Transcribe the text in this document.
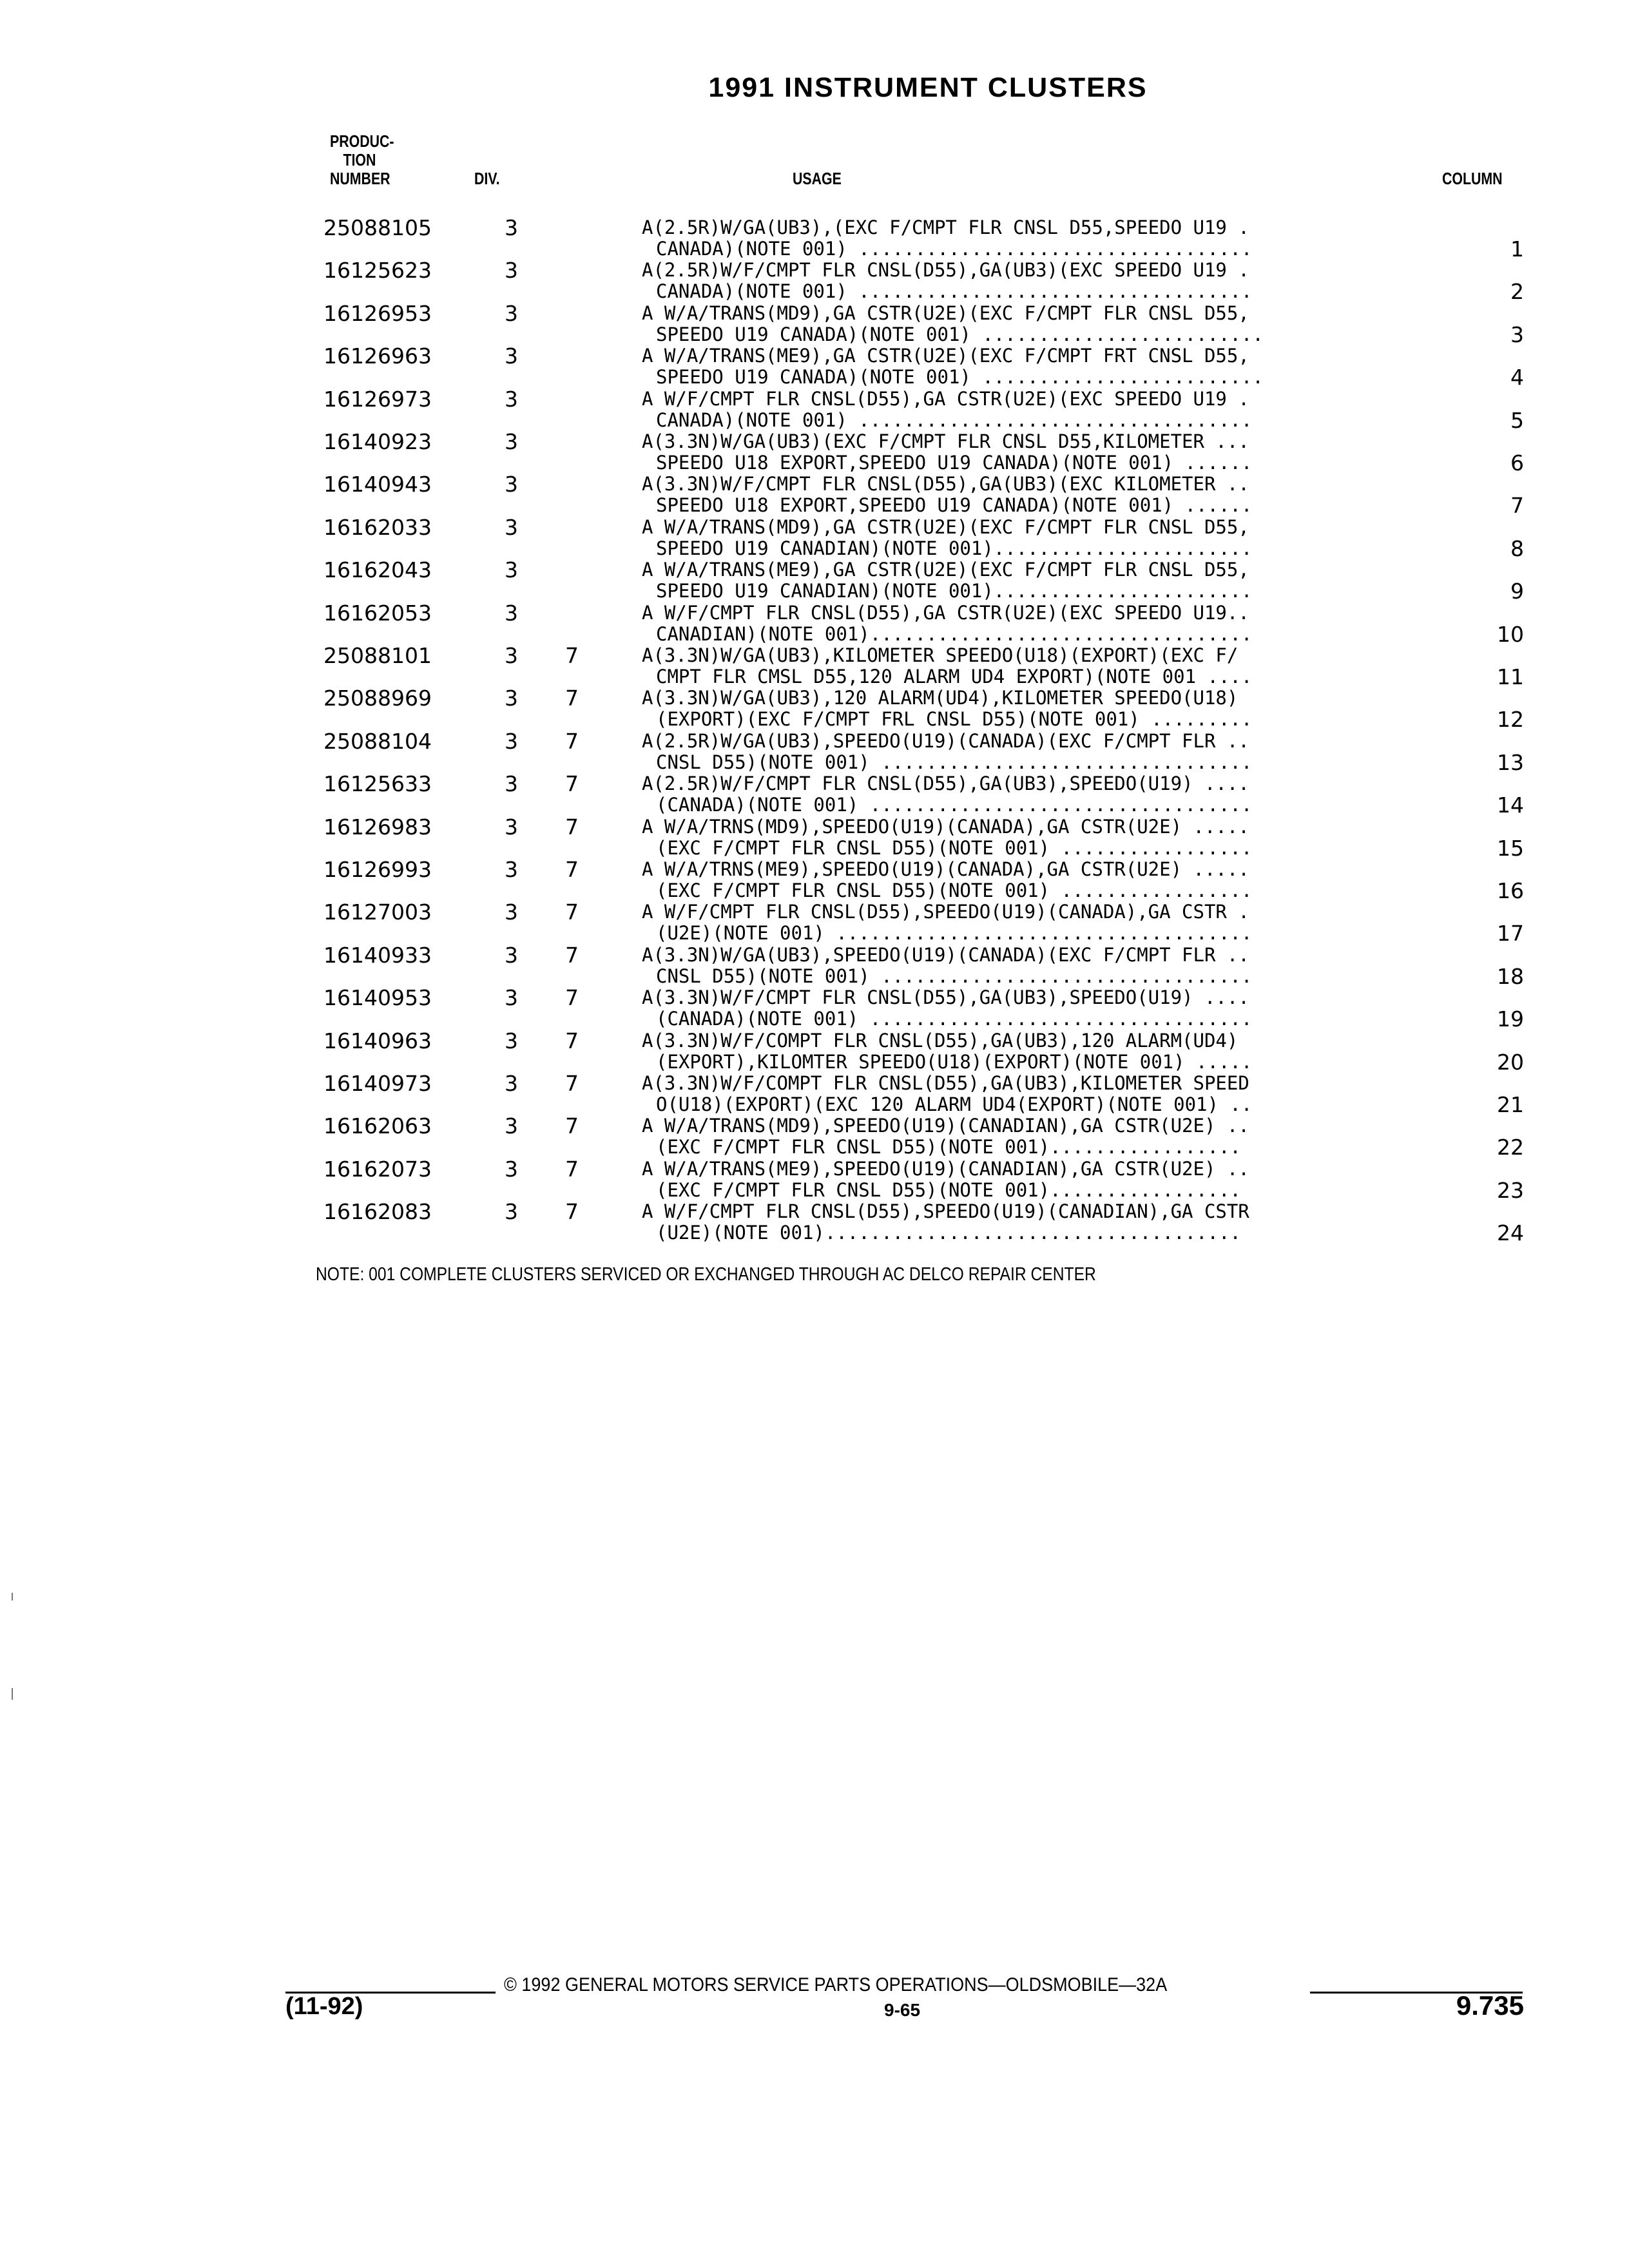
1991 INSTRUMENT CLUSTERS
PRODUC-
TION
NUMBER	DIV.	USAGE	COLUMN
25088105	3	A(2.5R)W/GA(UB3),(EXC F/CMPT FLR CNSL D55,SPEEDO U19 .
CANADA)(NOTE 001) ...................................	1
16125623	3	A(2.5R)W/F/CMPT FLR CNSL(D55),GA(UB3)(EXC SPEEDO U19 .
CANADA)(NOTE 001) ...................................	2
16126953	3	A W/A/TRANS(MD9),GA CSTR(U2E)(EXC F/CMPT FLR CNSL D55,
SPEEDO U19 CANADA)(NOTE 001) .........................	3
16126963	3	A W/A/TRANS(ME9),GA CSTR(U2E)(EXC F/CMPT FRT CNSL D55,
SPEEDO U19 CANADA)(NOTE 001) .........................	4
16126973	3	A W/F/CMPT FLR CNSL(D55),GA CSTR(U2E)(EXC SPEEDO U19 .
CANADA)(NOTE 001) ...................................	5
16140923	3	A(3.3N)W/GA(UB3)(EXC F/CMPT FLR CNSL D55,KILOMETER ...
SPEEDO U18 EXPORT,SPEEDO U19 CANADA)(NOTE 001) ......	6
16140943	3	A(3.3N)W/F/CMPT FLR CNSL(D55),GA(UB3)(EXC KILOMETER ..
SPEEDO U18 EXPORT,SPEEDO U19 CANADA)(NOTE 001) ......	7
16162033	3	A W/A/TRANS(MD9),GA CSTR(U2E)(EXC F/CMPT FLR CNSL D55,
SPEEDO U19 CANADIAN)(NOTE 001).......................	8
16162043	3	A W/A/TRANS(ME9),GA CSTR(U2E)(EXC F/CMPT FLR CNSL D55,
SPEEDO U19 CANADIAN)(NOTE 001).......................	9
16162053	3	A W/F/CMPT FLR CNSL(D55),GA CSTR(U2E)(EXC SPEEDO U19..
CANADIAN)(NOTE 001)..................................	10
25088101	3 7	A(3.3N)W/GA(UB3),KILOMETER SPEEDO(U18)(EXPORT)(EXC F/
CMPT FLR CMSL D55,120 ALARM UD4 EXPORT)(NOTE 001 ....	11
25088969	3 7	A(3.3N)W/GA(UB3),120 ALARM(UD4),KILOMETER SPEEDO(U18)
(EXPORT)(EXC F/CMPT FRL CNSL D55)(NOTE 001) .........	12
25088104	3 7	A(2.5R)W/GA(UB3),SPEEDO(U19)(CANADA)(EXC F/CMPT FLR ..
CNSL D55)(NOTE 001) .................................	13
16125633	3 7	A(2.5R)W/F/CMPT FLR CNSL(D55),GA(UB3),SPEEDO(U19) ....
(CANADA)(NOTE 001) ..................................	14
16126983	3 7	A W/A/TRNS(MD9),SPEEDO(U19)(CANADA),GA CSTR(U2E) .....
(EXC F/CMPT FLR CNSL D55)(NOTE 001) .................	15
16126993	3 7	A W/A/TRNS(ME9),SPEEDO(U19)(CANADA),GA CSTR(U2E) .....
(EXC F/CMPT FLR CNSL D55)(NOTE 001) .................	16
16127003	3 7	A W/F/CMPT FLR CNSL(D55),SPEEDO(U19)(CANADA),GA CSTR .
(U2E)(NOTE 001) .....................................	17
16140933	3 7	A(3.3N)W/GA(UB3),SPEEDO(U19)(CANADA)(EXC F/CMPT FLR ..
CNSL D55)(NOTE 001) .................................	18
16140953	3 7	A(3.3N)W/F/CMPT FLR CNSL(D55),GA(UB3),SPEEDO(U19) ....
(CANADA)(NOTE 001) ..................................	19
16140963	3 7	A(3.3N)W/F/COMPT FLR CNSL(D55),GA(UB3),120 ALARM(UD4)
(EXPORT),KILOMTER SPEEDO(U18)(EXPORT)(NOTE 001) .....	20
16140973	3 7	A(3.3N)W/F/COMPT FLR CNSL(D55),GA(UB3),KILOMETER SPEED
O(U18)(EXPORT)(EXC 120 ALARM UD4(EXPORT)(NOTE 001) ..	21
16162063	3 7	A W/A/TRANS(MD9),SPEEDO(U19)(CANADIAN),GA CSTR(U2E) ..
(EXC F/CMPT FLR CNSL D55)(NOTE 001).................	22
16162073	3 7	A W/A/TRANS(ME9),SPEEDO(U19)(CANADIAN),GA CSTR(U2E) ..
(EXC F/CMPT FLR CNSL D55)(NOTE 001).................	23
16162083	3 7	A W/F/CMPT FLR CNSL(D55),SPEEDO(U19)(CANADIAN),GA CSTR
(U2E)(NOTE 001).....................................	24
NOTE: 001 COMPLETE CLUSTERS SERVICED OR EXCHANGED THROUGH AC DELCO REPAIR CENTER
© 1992 GENERAL MOTORS SERVICE PARTS OPERATIONS—OLDSMOBILE—32A
(11-92)	9-65	9.735
